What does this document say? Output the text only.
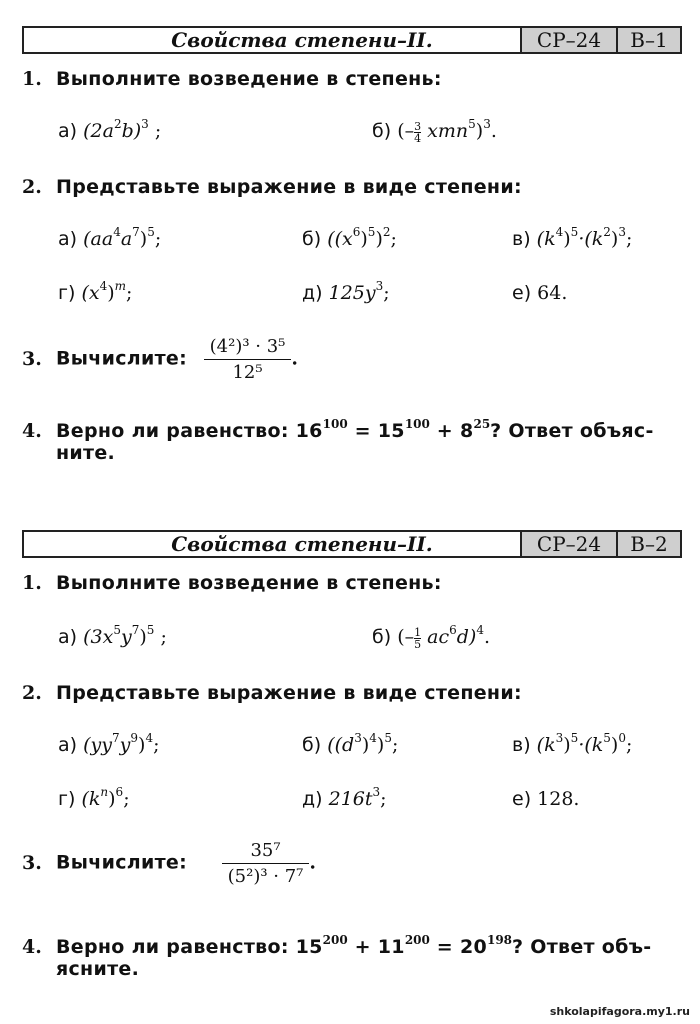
Свойства степени–II.	СР–24	В–1
1. Выполните возведение в степень:
а) $(2a^2b)^3$ ;	б) (– $\frac{3}{4} xmn^5)^3$.
2. Представьте выражение в виде степени:
а) $(aa^4a^7)^5$;	б) $((x^6)^5)^2$;	в) $(k^4)^5\cdot(k^2)^3$;
г) $(x^4)^m$;	д) $125y^3$;	е) 64.
3. Вычислите: $\frac{\text{(4²)³ · 3⁵}}{\text{12⁵}}$ .
4. Верно ли равенство: $16^{100} = 15^{100} + 8^{25}$? Ответ объяс-
ните.
Свойства степени–II.	СР–24	В–2
1. Выполните возведение в степень:
а) $(3x^5y^7)^5$ ;	б) (– $\frac{1}{5} ac^6d)^4$.
2. Представьте выражение в виде степени:
а) $(yy^7y^9)^4$;	б) $((d^3)^4)^5$;	в) $(k^3)^5\cdot(k^5)^0$;
г) $(k^n)^6$;	д) $216t^3$;	е) 128.
3. Вычислите: $\frac{\text{35⁷}}{\text{(5²)³ · 7⁷}}$ .
4. Верно ли равенство: $15^{200} + 11^{200} = 20^{198}$? Ответ объ-
ясните.
shkolapifagora.my1.ru
